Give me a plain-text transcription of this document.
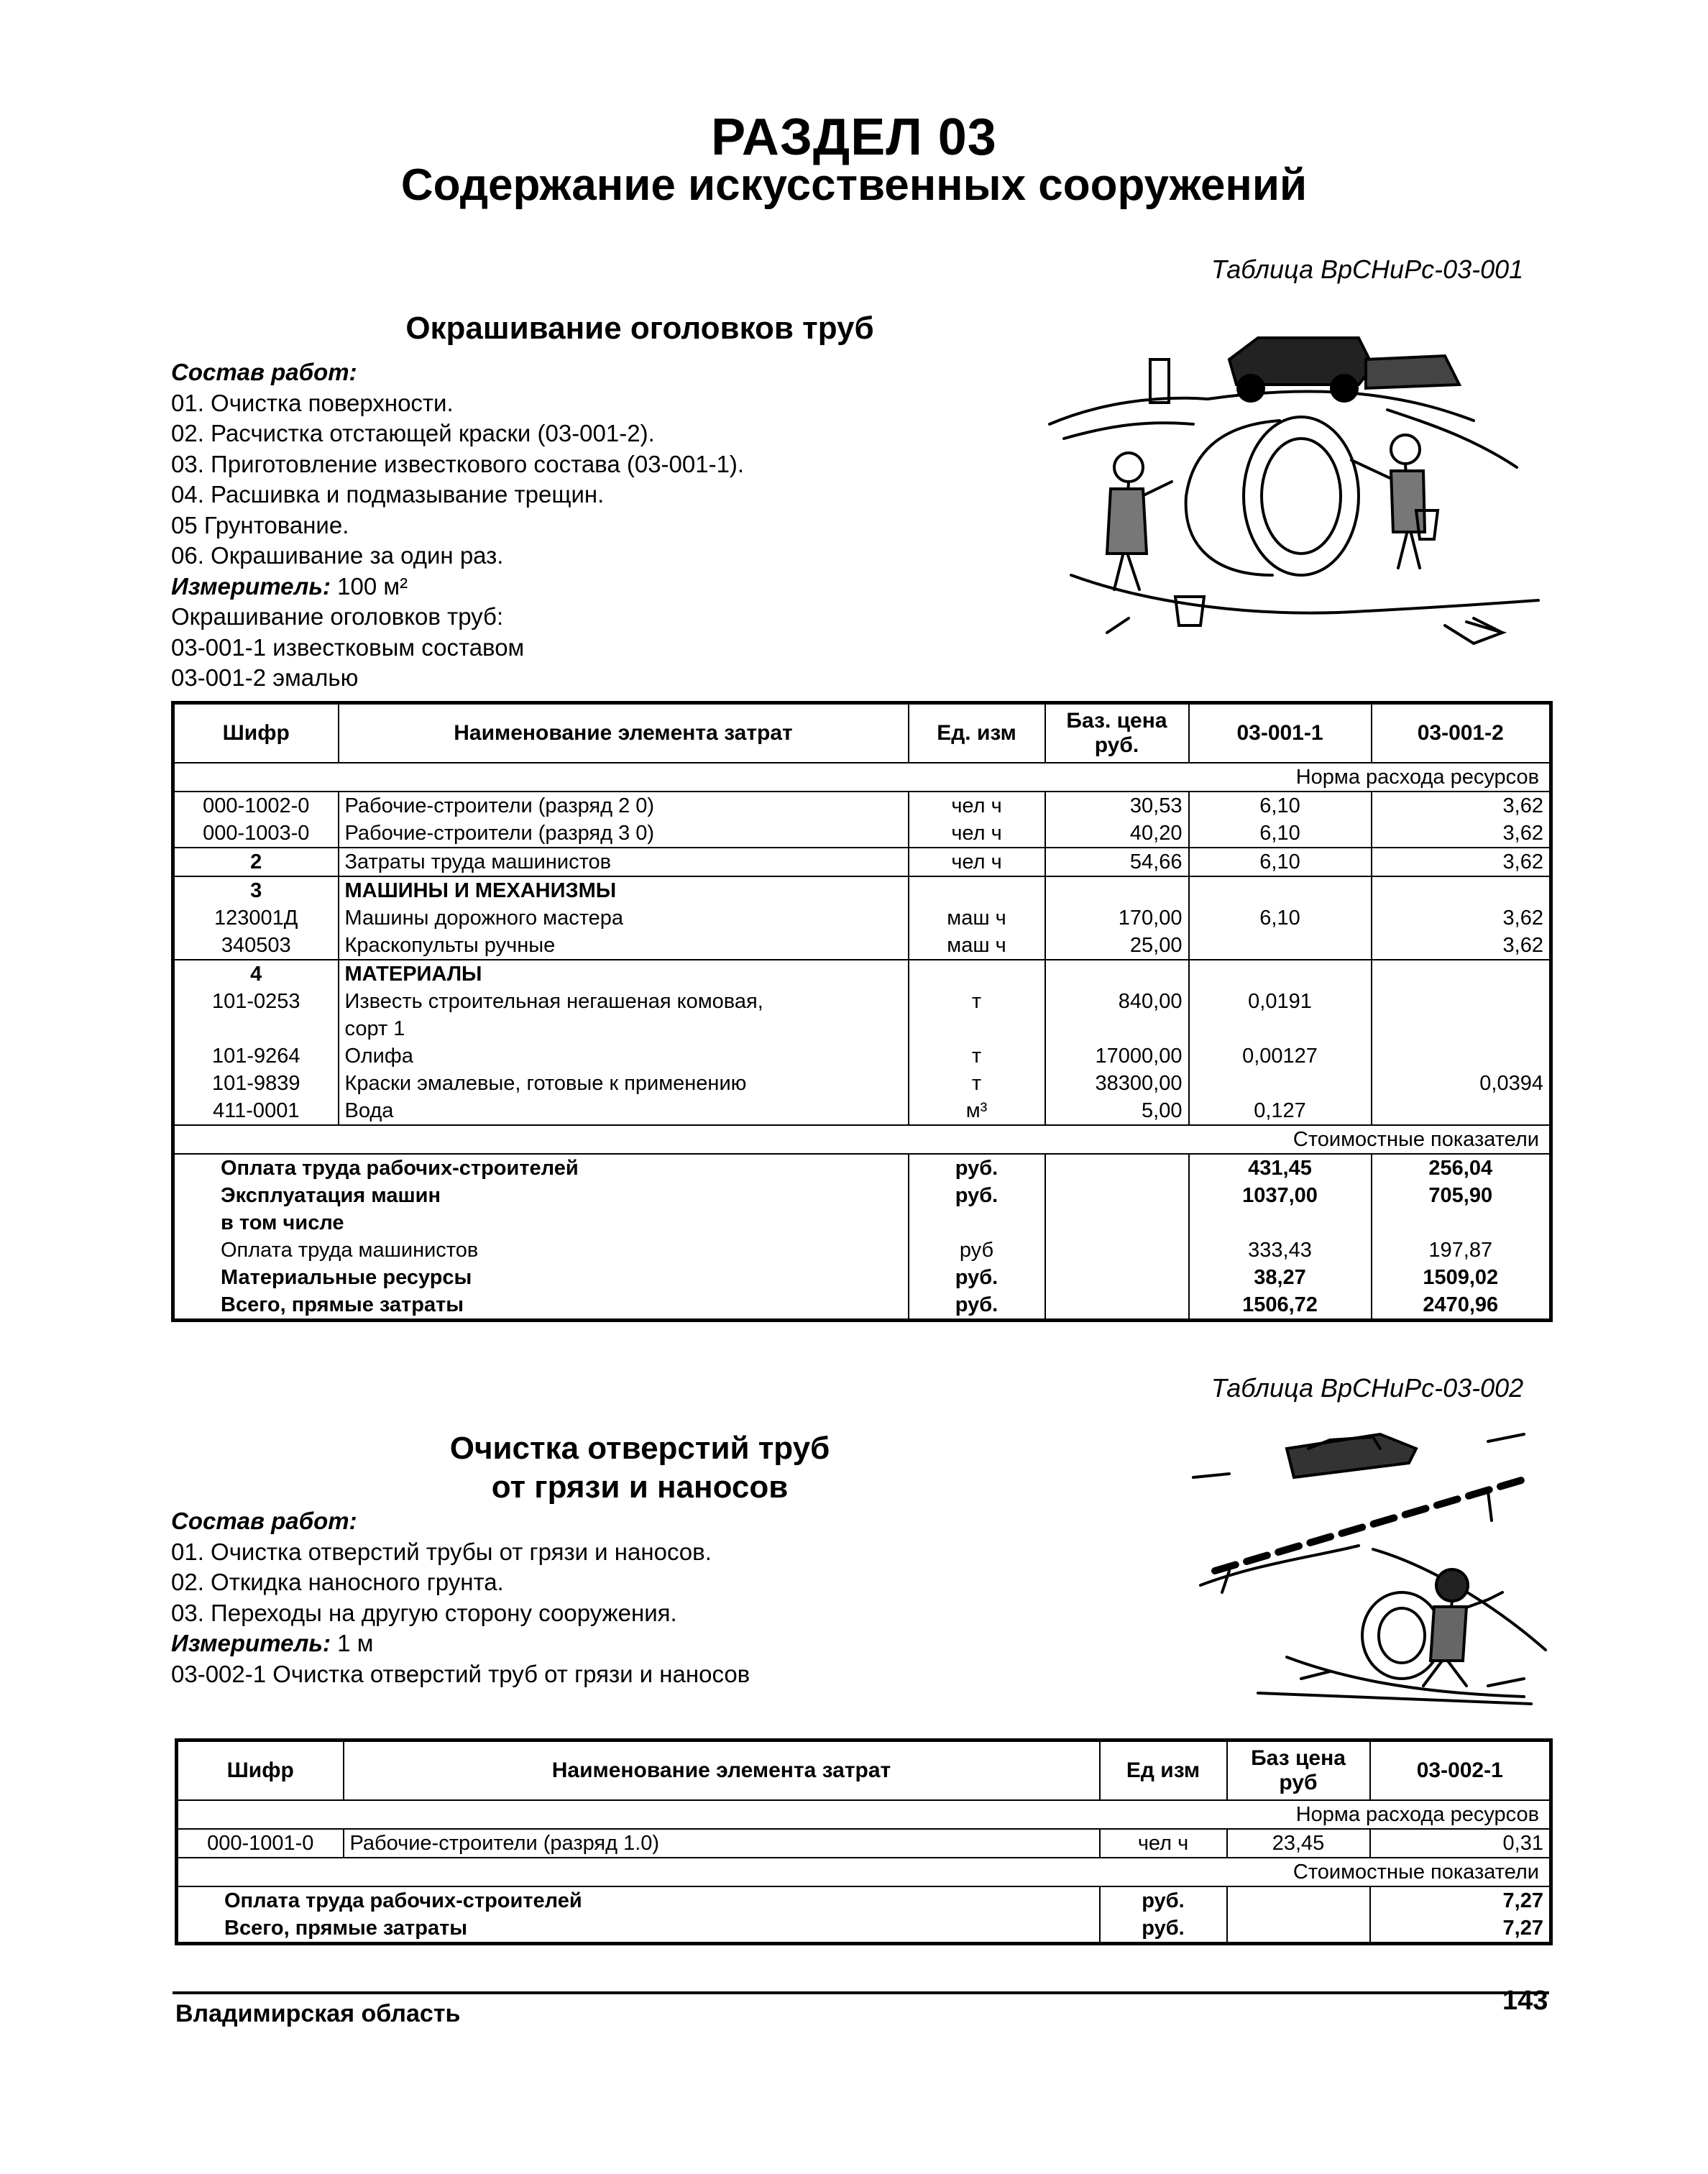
РАЗДЕЛ 03
Содержание искусственных сооружений
Таблица ВрСНиРс-03-001
Окрашивание оголовков труб
Состав работ:
01. Очистка поверхности.
02. Расчистка отстающей краски (03-001-2).
03. Приготовление известкового состава (03-001-1).
04. Расшивка и подмазывание трещин.
05 Грунтование.
06. Окрашивание за один раз.
Измеритель: 100 м²
Окрашивание оголовков труб:
03-001-1 известковым составом
03-001-2 эмалью
Шифр	Наименование элемента затрат	Ед. изм	Баз. цена руб.	03-001-1	03-001-2
Норма расхода ресурсов					
000-1002-0	Рабочие-строители (разряд 2 0)	чел ч	30,53	6,10	3,62
000-1003-0	Рабочие-строители (разряд 3 0)	чел ч	40,20	6,10	3,62
2	Затраты труда машинистов	чел ч	54,66	6,10	3,62
3	МАШИНЫ И МЕХАНИЗМЫ				
123001Д	Машины дорожного мастера	маш ч	170,00	6,10	3,62
340503	Краскопульты ручные	маш ч	25,00		3,62
4	МАТЕРИАЛЫ				
101-0253	Известь строительная негашеная комовая,	т	840,00	0,0191	
	сорт 1				
101-9264	Олифа	т	17000,00	0,00127	
101-9839	Краски эмалевые, готовые к применению	т	38300,00		0,0394
411-0001	Вода	м³	5,00	0,127	
Стоимостные показатели					
Оплата труда рабочих-строителей		руб.		431,45	256,04
Эксплуатация машин		руб.		1037,00	705,90
в том числе					
Оплата труда машинистов		руб		333,43	197,87
Материальные ресурсы		руб.		38,27	1509,02
Всего, прямые затраты		руб.		1506,72	2470,96
Таблица ВрСНиРс-03-002
Очистка отверстий труб
от грязи и наносов
Состав работ:
01. Очистка отверстий трубы от грязи и наносов.
02. Откидка наносного грунта.
03. Переходы на другую сторону сооружения.
Измеритель: 1 м
03-002-1 Очистка отверстий труб от грязи и наносов
Шифр	Наименование элемента затрат	Ед изм	Баз цена руб	03-002-1
Норма расхода ресурсов				
000-1001-0	Рабочие-строители (разряд 1.0)	чел ч	23,45	0,31
Стоимостные показатели				
Оплата труда рабочих-строителей		руб.		7,27
Всего, прямые затраты		руб.		7,27
Владимирская область	143
